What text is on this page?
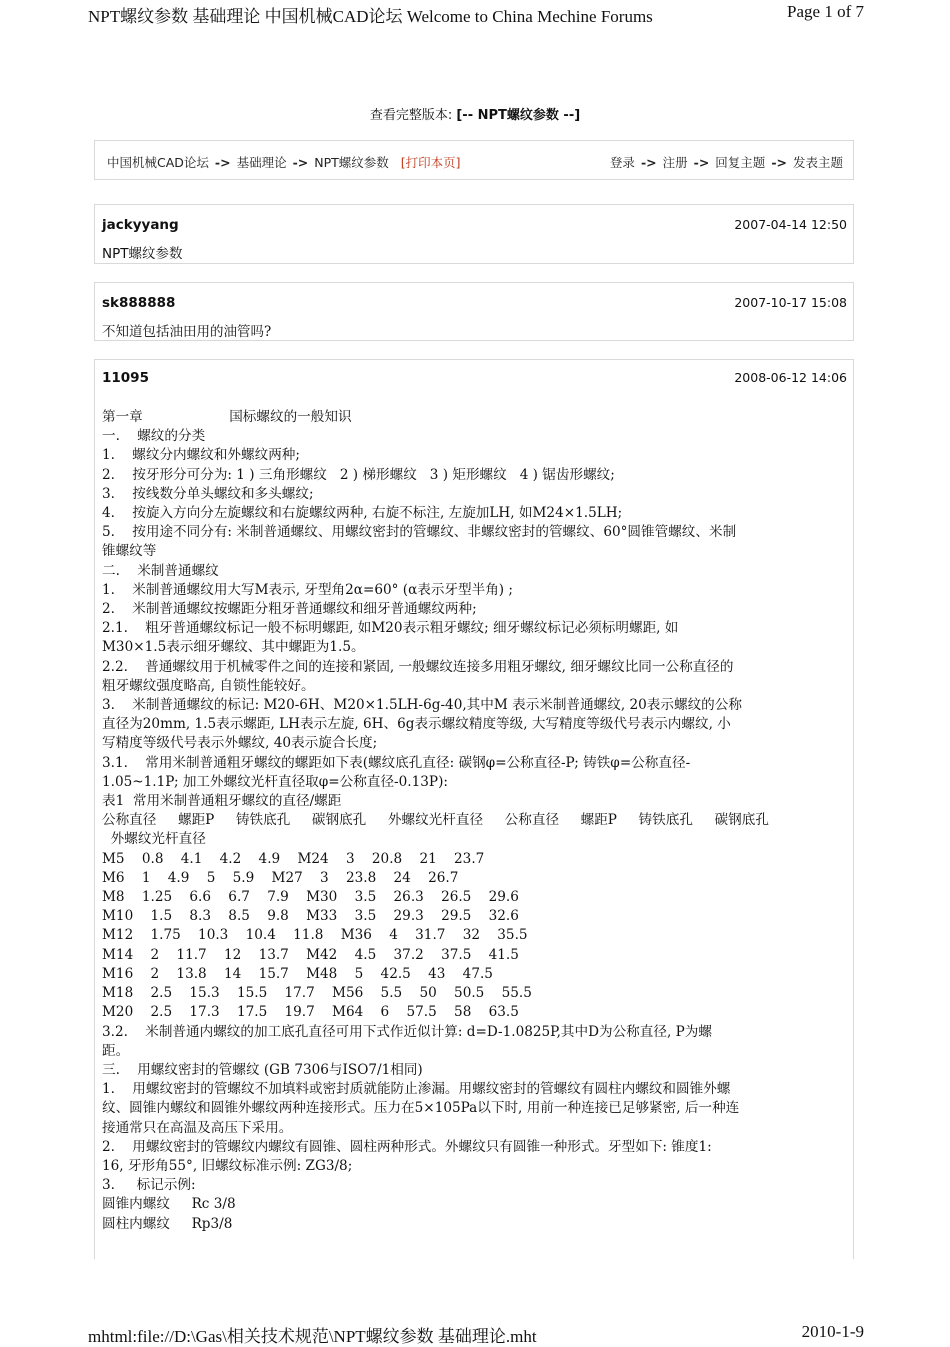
NPT螺纹参数 基础理论 中国机械CAD论坛 Welcome to China Mechine Forums	Page 1 of 7
查看完整版本: [-- NPT螺纹参数 --]
中国机械CAD论坛 -> 基础理论 -> NPT螺纹参数 [打印本页]	登录 -> 注册 -> 回复主题 -> 发表主题
jackyyang	2007-04-14 12:50
NPT螺纹参数
sk888888	2007-10-17 15:08
不知道包括油田用的油管吗?
11095	2008-06-12 14:06
第一章                    国标螺纹的一般知识
一.    螺纹的分类
1.    螺纹分内螺纹和外螺纹两种;
2.    按牙形分可分为: 1 ) 三角形螺纹   2 ) 梯形螺纹   3 ) 矩形螺纹   4 ) 锯齿形螺纹;
3.    按线数分单头螺纹和多头螺纹;
4.    按旋入方向分左旋螺纹和右旋螺纹两种, 右旋不标注, 左旋加LH, 如M24×1.5LH;
5.    按用途不同分有: 米制普通螺纹、用螺纹密封的管螺纹、非螺纹密封的管螺纹、60°圆锥管螺纹、米制
锥螺纹等
二.    米制普通螺纹
1.    米制普通螺纹用大写M表示, 牙型角2α=60° (α表示牙型半角) ;
2.    米制普通螺纹按螺距分粗牙普通螺纹和细牙普通螺纹两种;
2.1.    粗牙普通螺纹标记一般不标明螺距, 如M20表示粗牙螺纹; 细牙螺纹标记必须标明螺距, 如
M30×1.5表示细牙螺纹、其中螺距为1.5。
2.2.    普通螺纹用于机械零件之间的连接和紧固, 一般螺纹连接多用粗牙螺纹, 细牙螺纹比同一公称直径的
粗牙螺纹强度略高, 自锁性能较好。
3.    米制普通螺纹的标记: M20-6H、M20×1.5LH-6g-40,其中M 表示米制普通螺纹, 20表示螺纹的公称
直径为20mm, 1.5表示螺距, LH表示左旋, 6H、6g表示螺纹精度等级, 大写精度等级代号表示内螺纹, 小
写精度等级代号表示外螺纹, 40表示旋合长度;
3.1.    常用米制普通粗牙螺纹的螺距如下表(螺纹底孔直径: 碳钢φ=公称直径-P; 铸铁φ=公称直径-
1.05~1.1P; 加工外螺纹光杆直径取φ=公称直径-0.13P):
表1  常用米制普通粗牙螺纹的直径/螺距
公称直径     螺距P     铸铁底孔     碳钢底孔     外螺纹光杆直径     公称直径     螺距P     铸铁底孔     碳钢底孔
外螺纹光杆直径
M5    0.8    4.1    4.2    4.9    M24    3    20.8    21    23.7
M6    1    4.9    5    5.9    M27    3    23.8    24    26.7
M8    1.25    6.6    6.7    7.9    M30    3.5    26.3    26.5    29.6
M10    1.5    8.3    8.5    9.8    M33    3.5    29.3    29.5    32.6
M12    1.75    10.3    10.4    11.8    M36    4    31.7    32    35.5
M14    2    11.7    12    13.7    M42    4.5    37.2    37.5    41.5
M16    2    13.8    14    15.7    M48    5    42.5    43    47.5
M18    2.5    15.3    15.5    17.7    M56    5.5    50    50.5    55.5
M20    2.5    17.3    17.5    19.7    M64    6    57.5    58    63.5
3.2.    米制普通内螺纹的加工底孔直径可用下式作近似计算: d=D-1.0825P,其中D为公称直径, P为螺
距。
三.    用螺纹密封的管螺纹 (GB 7306与ISO7/1相同)
1.    用螺纹密封的管螺纹不加填料或密封质就能防止渗漏。用螺纹密封的管螺纹有圆柱内螺纹和圆锥外螺
纹、圆锥内螺纹和圆锥外螺纹两种连接形式。压力在5×105Pa以下时, 用前一种连接已足够紧密, 后一种连
接通常只在高温及高压下采用。
2.    用螺纹密封的管螺纹内螺纹有圆锥、圆柱两种形式。外螺纹只有圆锥一种形式。牙型如下: 锥度1:
16, 牙形角55°, 旧螺纹标准示例: ZG3/8;
3.     标记示例:
圆锥内螺纹     Rc 3/8
圆柱内螺纹     Rp3/8
mhtml:file://D:\Gas\相关技术规范\NPT螺纹参数 基础理论.mht	2010-1-9
